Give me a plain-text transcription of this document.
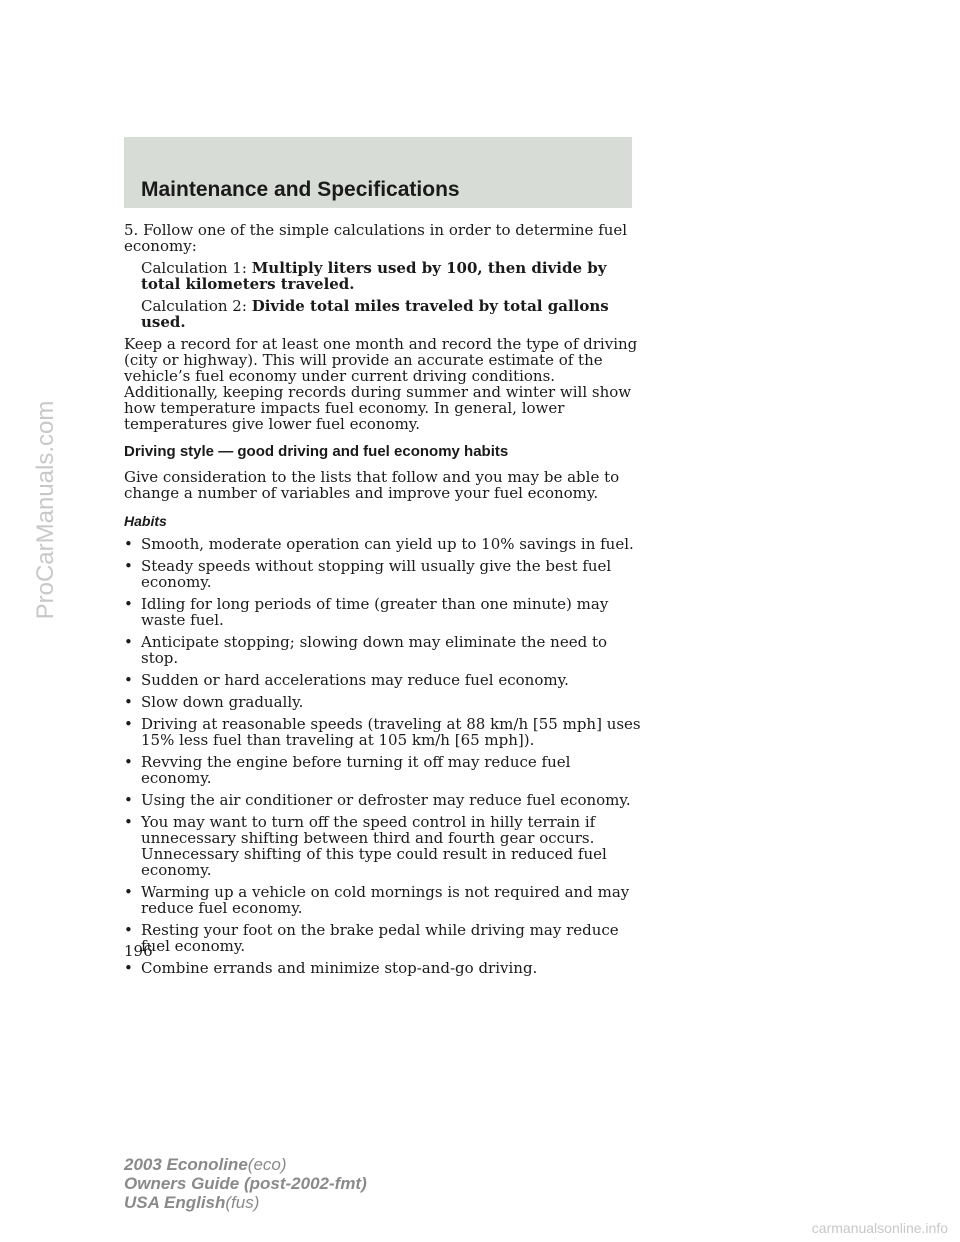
Maintenance and Specifications

5. Follow one of the simple calculations in order to determine fuel economy:

Calculation 1: Multiply liters used by 100, then divide by total kilometers traveled.

Calculation 2: Divide total miles traveled by total gallons used.

Keep a record for at least one month and record the type of driving (city or highway). This will provide an accurate estimate of the vehicle’s fuel economy under current driving conditions. Additionally, keeping records during summer and winter will show how temperature impacts fuel economy. In general, lower temperatures give lower fuel economy.

Driving style — good driving and fuel economy habits

Give consideration to the lists that follow and you may be able to change a number of variables and improve your fuel economy.

Habits
• Smooth, moderate operation can yield up to 10% savings in fuel.
• Steady speeds without stopping will usually give the best fuel economy.
• Idling for long periods of time (greater than one minute) may waste fuel.
• Anticipate stopping; slowing down may eliminate the need to stop.
• Sudden or hard accelerations may reduce fuel economy.
• Slow down gradually.
• Driving at reasonable speeds (traveling at 88 km/h [55 mph] uses 15% less fuel than traveling at 105 km/h [65 mph]).
• Revving the engine before turning it off may reduce fuel economy.
• Using the air conditioner or defroster may reduce fuel economy.
• You may want to turn off the speed control in hilly terrain if unnecessary shifting between third and fourth gear occurs. Unnecessary shifting of this type could result in reduced fuel economy.
• Warming up a vehicle on cold mornings is not required and may reduce fuel economy.
• Resting your foot on the brake pedal while driving may reduce fuel economy.
• Combine errands and minimize stop-and-go driving.

196

2003 Econoline(eco)
Owners Guide (post-2002-fmt)
USA English(fus)
ProCarManuals.com
carmanualsonline.info
